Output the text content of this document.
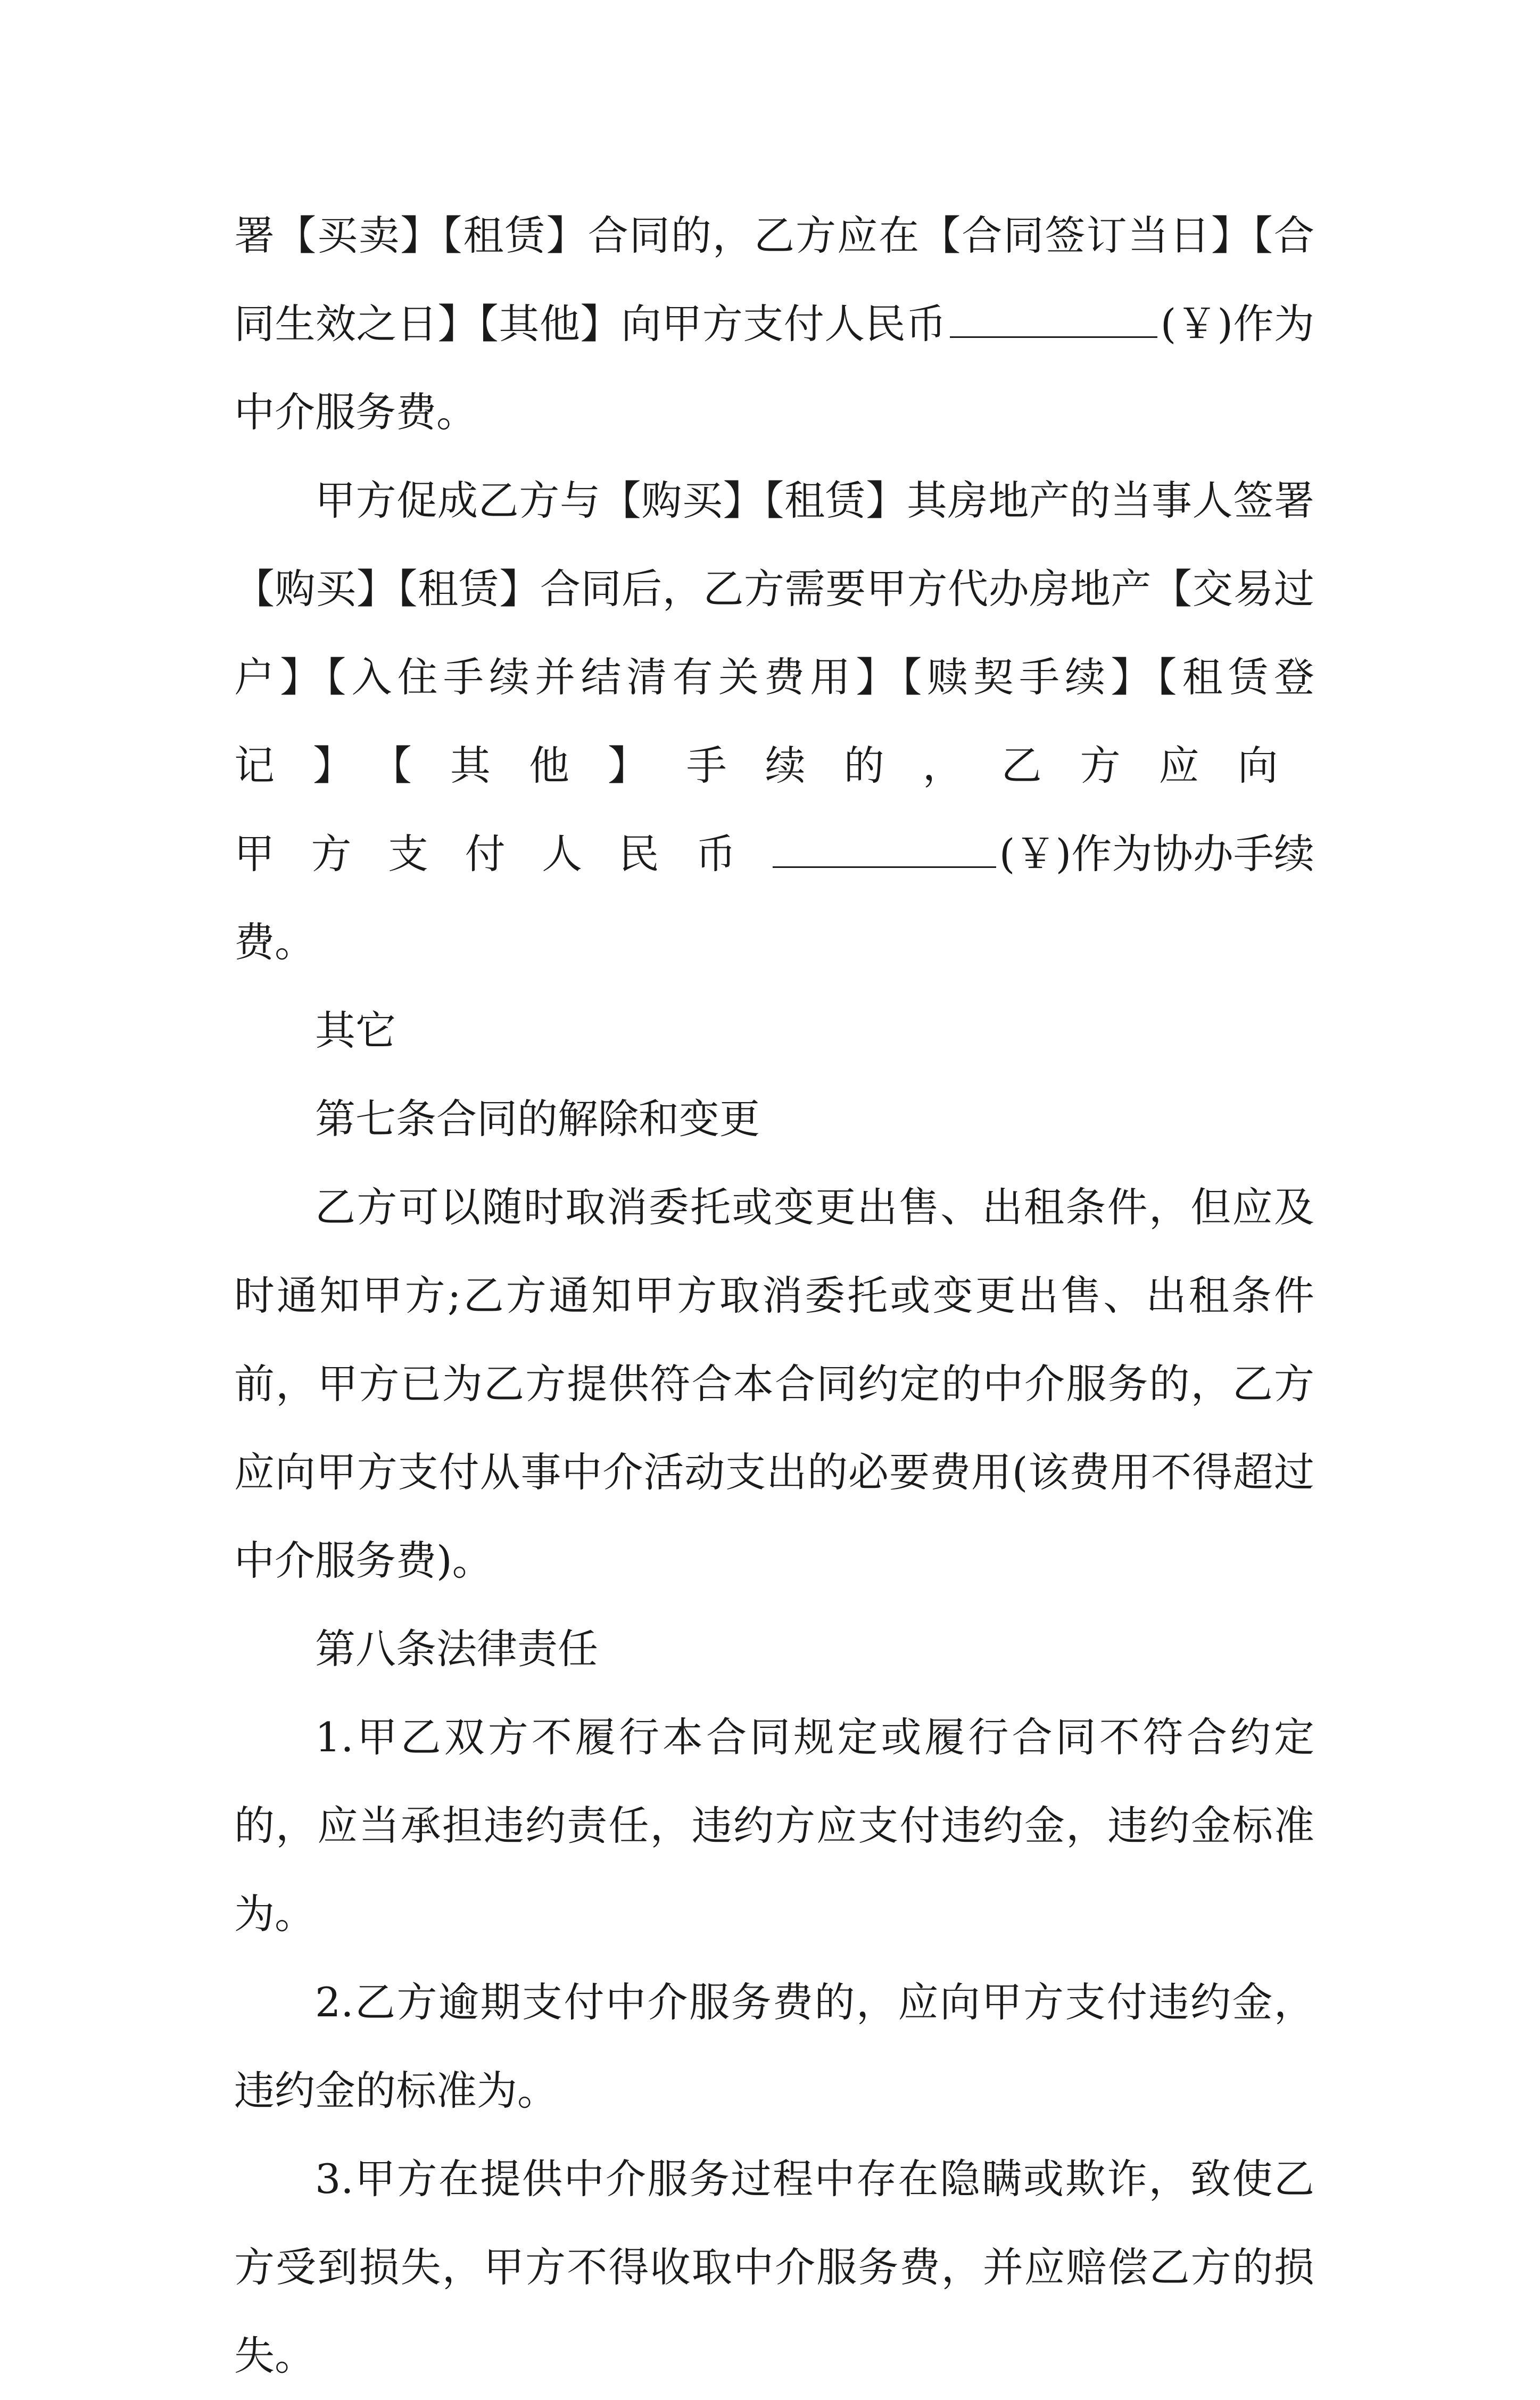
署【买卖】【租赁】合同的，乙方应在【合同签订当日】【合同生效之日】【其他】向甲方支付人民币	(￥)作为中介服务费。

甲方促成乙方与【购买】【租赁】其房地产的当事人签署【购买】【租赁】合同后，乙方需要甲方代办房地产【交易过户】【入住手续并结清有关费用】【赎契手续】【租赁登记】【其他】手续的，乙方应向甲方支付人民币	(￥)作为协办手续费。

其它

第七条合同的解除和变更

乙方可以随时取消委托或变更出售、出租条件，但应及时通知甲方;乙方通知甲方取消委托或变更出售、出租条件前，甲方已为乙方提供符合本合同约定的中介服务的，乙方应向甲方支付从事中介活动支出的必要费用(该费用不得超过中介服务费)。

第八条法律责任

1.甲乙双方不履行本合同规定或履行合同不符合约定的，应当承担违约责任，违约方应支付违约金，违约金标准为。

2.乙方逾期支付中介服务费的，应向甲方支付违约金，违约金的标准为。

3.甲方在提供中介服务过程中存在隐瞒或欺诈，致使乙方受到损失，甲方不得收取中介服务费，并应赔偿乙方的损失。
